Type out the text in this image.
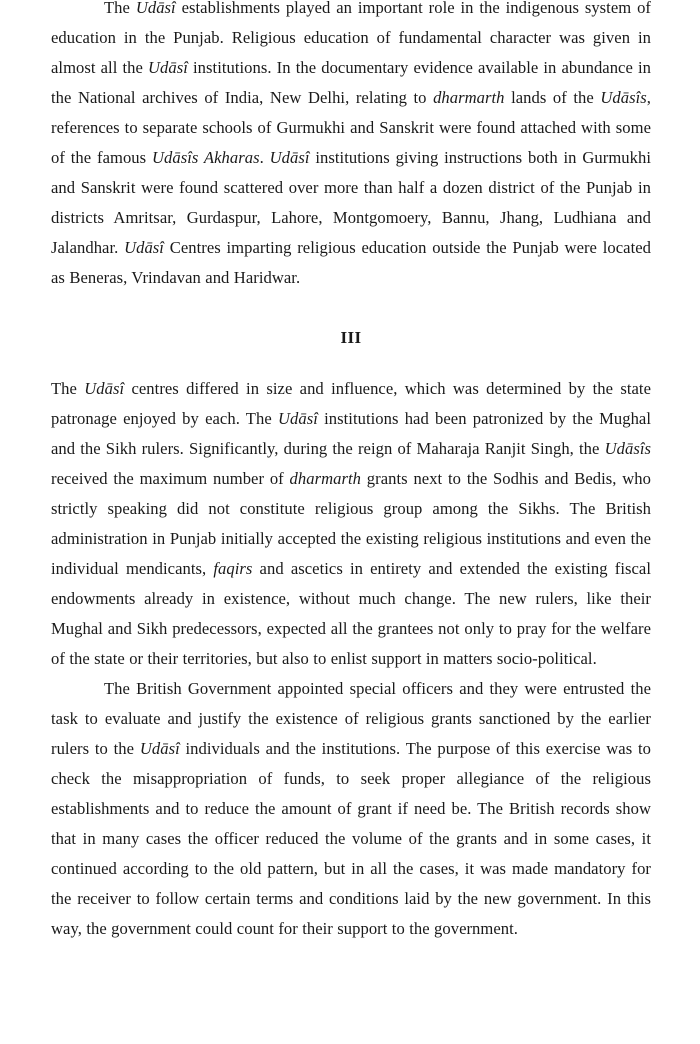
The Udāsî establishments played an important role in the indigenous system of education in the Punjab. Religious education of fundamental character was given in almost all the Udāsî institutions. In the documentary evidence available in abundance in the National archives of India, New Delhi, relating to dharmarth lands of the Udāsîs, references to separate schools of Gurmukhi and Sanskrit were found attached with some of the famous Udāsîs Akharas. Udāsî institutions giving instructions both in Gurmukhi and Sanskrit were found scattered over more than half a dozen district of the Punjab in districts Amritsar, Gurdaspur, Lahore, Montgomoery, Bannu, Jhang, Ludhiana and Jalandhar. Udāsî Centres imparting religious education outside the Punjab were located as Beneras, Vrindavan and Haridwar.

III

The Udāsî centres differed in size and influence, which was determined by the state patronage enjoyed by each. The Udāsî institutions had been patronized by the Mughal and the Sikh rulers. Significantly, during the reign of Maharaja Ranjit Singh, the Udāsîs received the maximum number of dharmarth grants next to the Sodhis and Bedis, who strictly speaking did not constitute religious group among the Sikhs. The British administration in Punjab initially accepted the existing religious institutions and even the individual mendicants, faqirs and ascetics in entirety and extended the existing fiscal endowments already in existence, without much change. The new rulers, like their Mughal and Sikh predecessors, expected all the grantees not only to pray for the welfare of the state or their territories, but also to enlist support in matters socio-political.

The British Government appointed special officers and they were entrusted the task to evaluate and justify the existence of religious grants sanctioned by the earlier rulers to the Udāsî individuals and the institutions. The purpose of this exercise was to check the misappropriation of funds, to seek proper allegiance of the religious establishments and to reduce the amount of grant if need be. The British records show that in many cases the officer reduced the volume of the grants and in some cases, it continued according to the old pattern, but in all the cases, it was made mandatory for the receiver to follow certain terms and conditions laid by the new government. In this way, the government could count for their support to the government.
